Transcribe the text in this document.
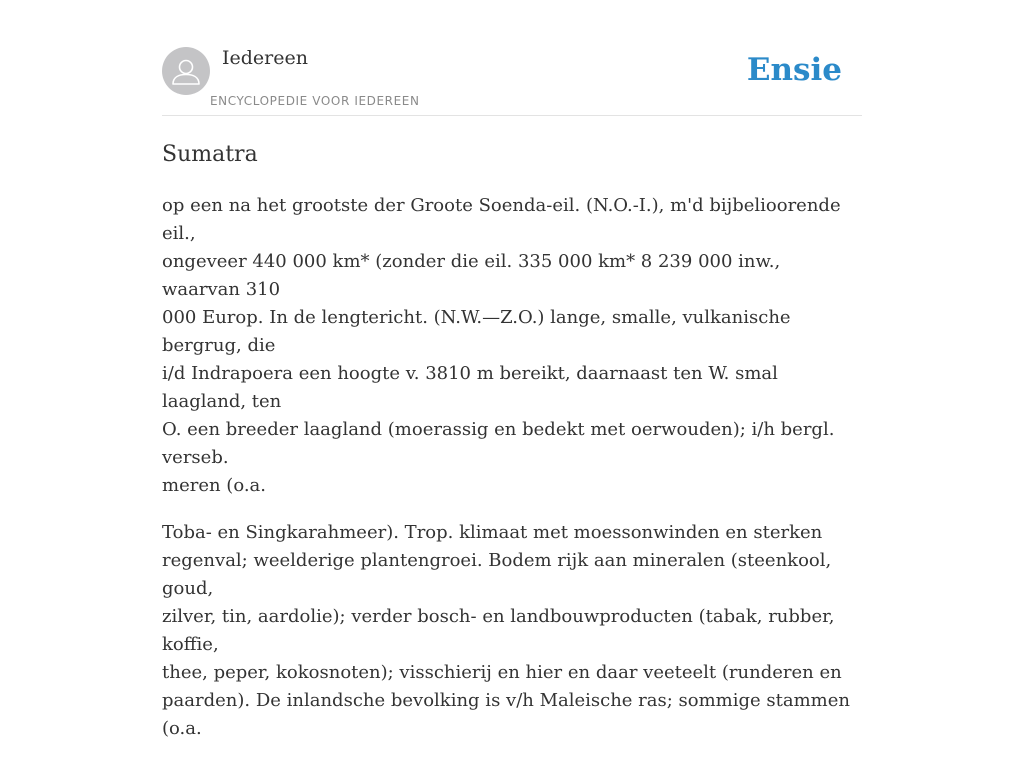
Iedereen
ENCYCLOPEDIE VOOR IEDEREEN
Ensie
Sumatra

op een na het grootste der Groote Soenda-eil. (N.O.-I.), m'd bijbelioorende eil.,
ongeveer 440 000 km* (zonder die eil. 335 000 km* 8 239 000 inw., waarvan 310
000 Europ. In de lengtericht. (N.W.—Z.O.) lange, smalle, vulkanische bergrug, die
i/d Indrapoera een hoogte v. 3810 m bereikt, daarnaast ten W. smal laagland, ten
O. een breeder laagland (moerassig en bedekt met oerwouden); i/h bergl. verseb.
meren (o.a.

Toba- en Singkarahmeer). Trop. klimaat met moessonwinden en sterken
regenval; weelderige plantengroei. Bodem rijk aan mineralen (steenkool, goud,
zilver, tin, aardolie); verder bosch- en landbouwproducten (tabak, rubber, koffie,
thee, peper, kokosnoten); visschierij en hier en daar veeteelt (runderen en
paarden). De inlandsche bevolking is v/h Maleische ras; sommige stammen (o.a.
